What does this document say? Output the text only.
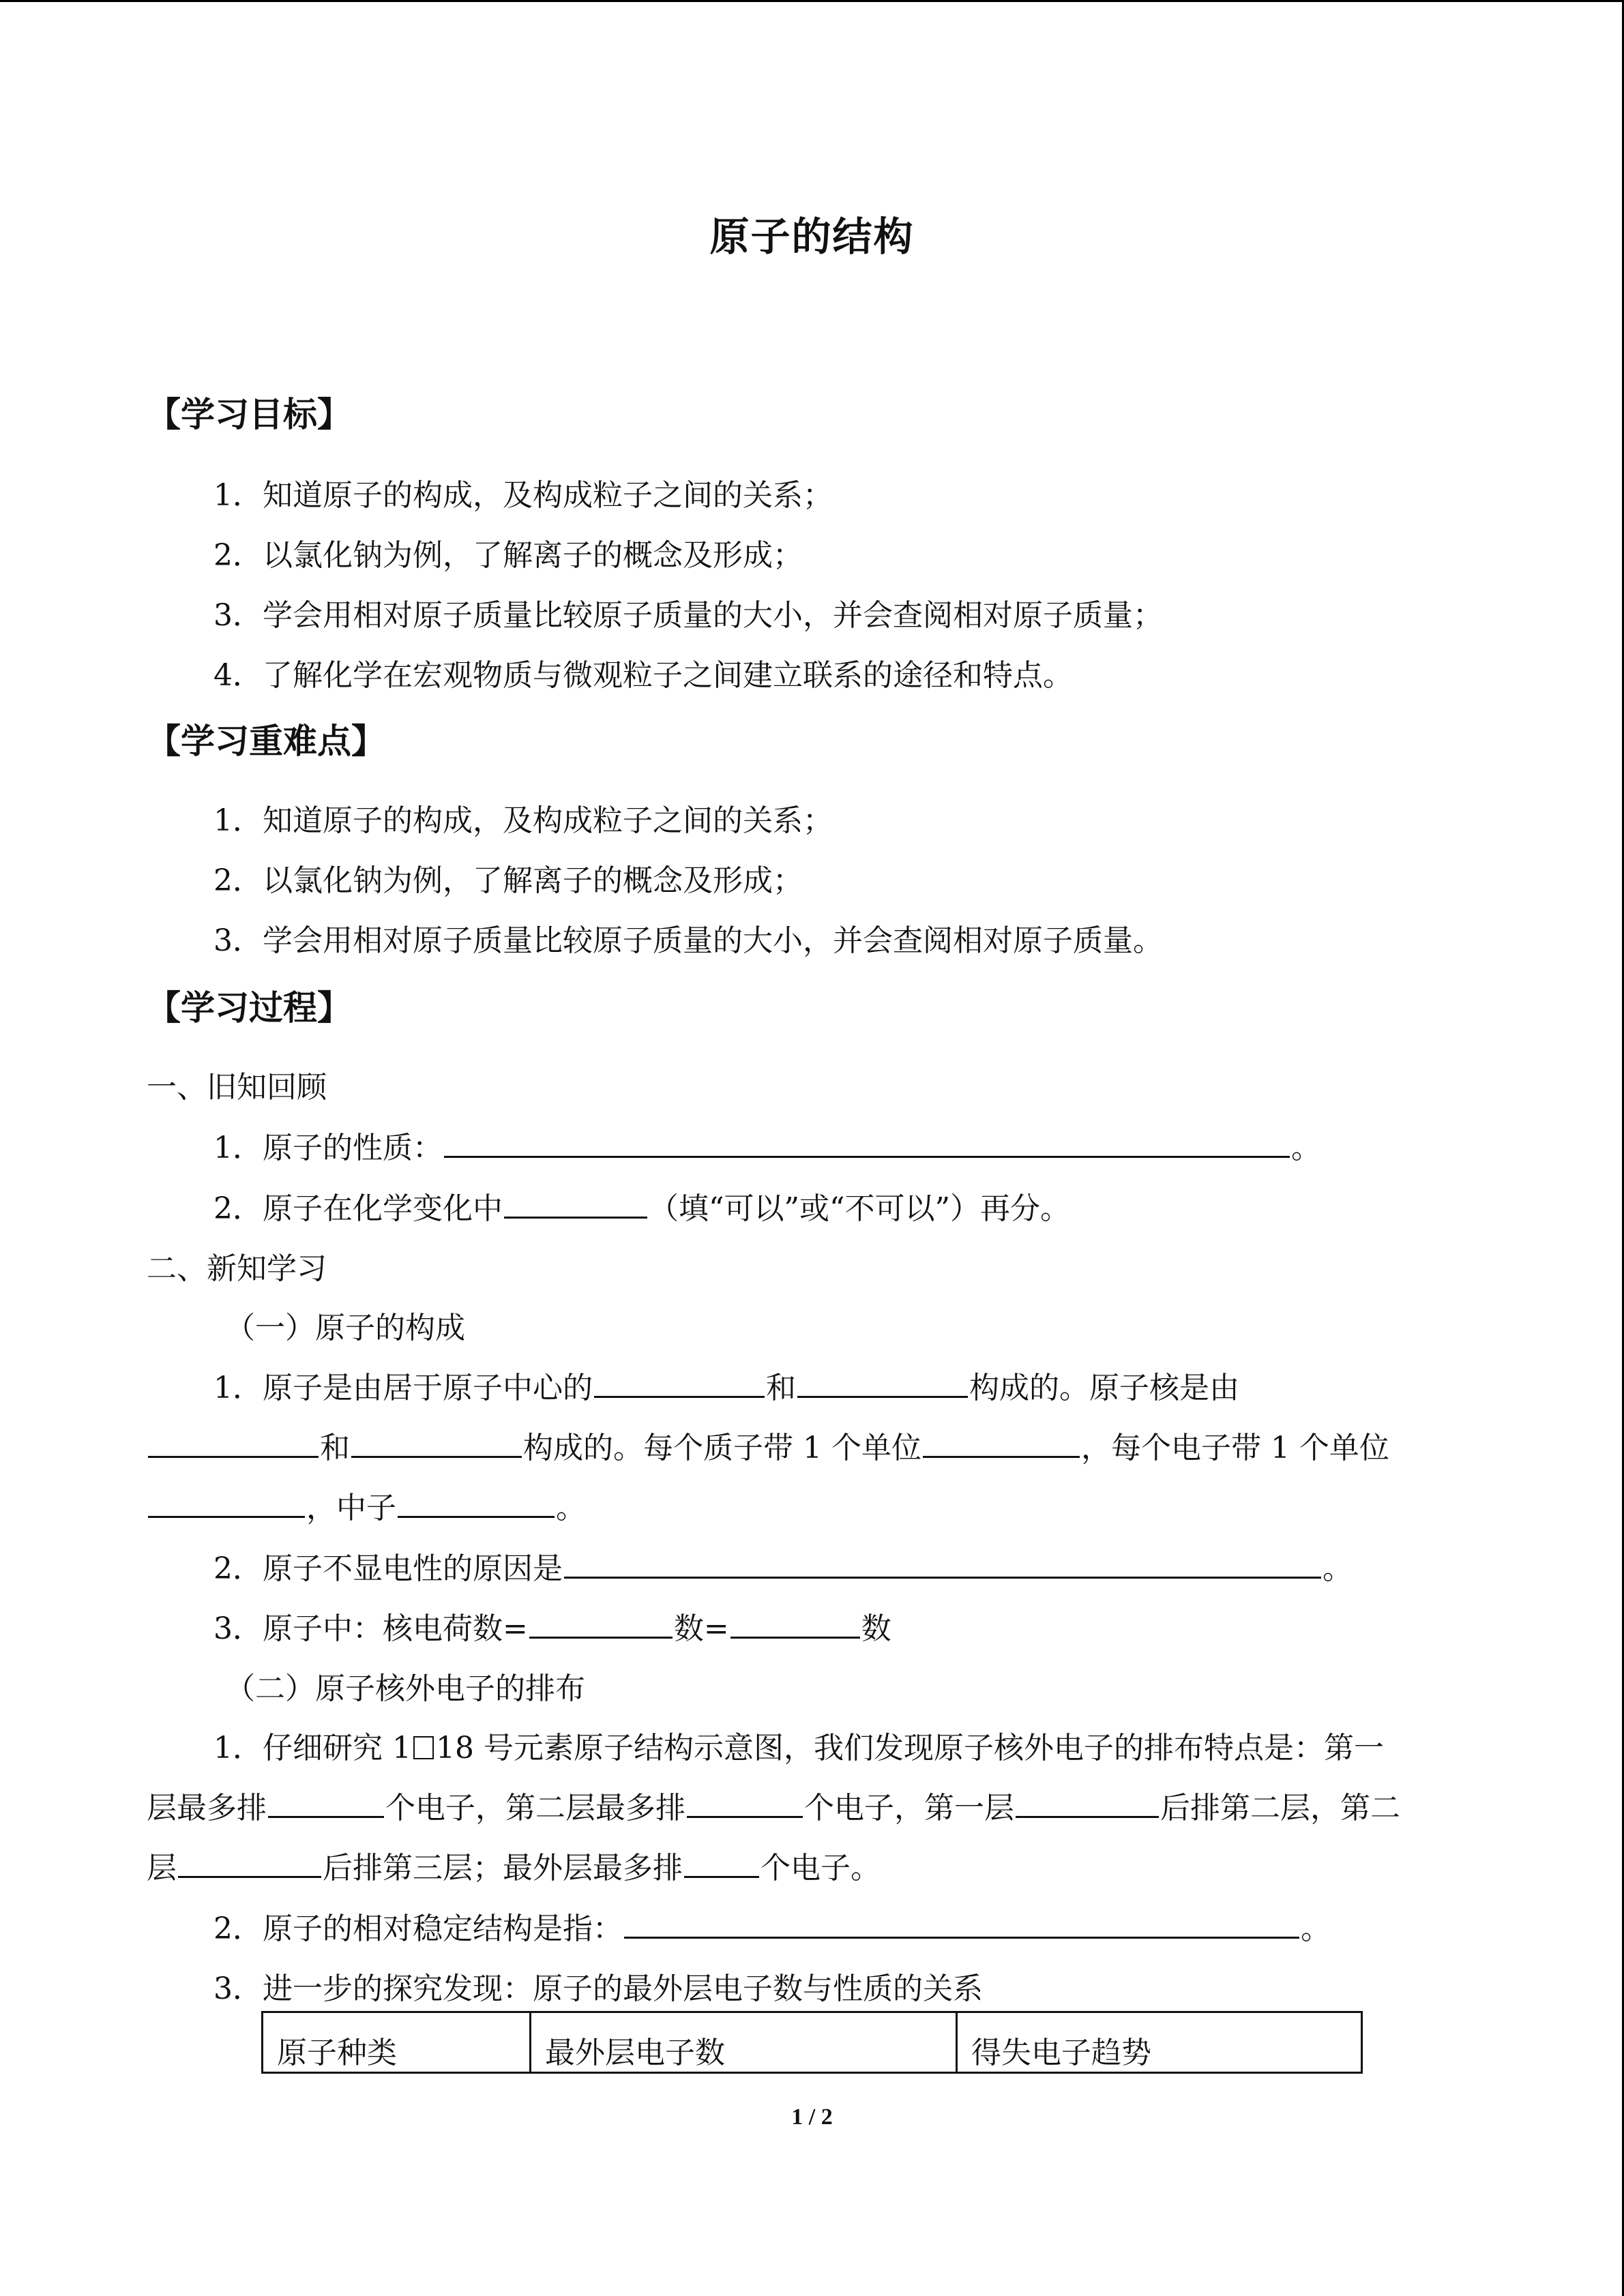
原子的结构
【学习目标】
1．知道原子的构成，及构成粒子之间的关系；
2．以氯化钠为例，了解离子的概念及形成；
3．学会用相对原子质量比较原子质量的大小，并会查阅相对原子质量；
4．了解化学在宏观物质与微观粒子之间建立联系的途径和特点。
【学习重难点】
1．知道原子的构成，及构成粒子之间的关系；
2．以氯化钠为例，了解离子的概念及形成；
3．学会用相对原子质量比较原子质量的大小，并会查阅相对原子质量。
【学习过程】
一、旧知回顾
1．原子的性质：	。
2．原子在化学变化中	（填“可以”或“不可以”）再分。
二、新知学习
（一）原子的构成
1．原子是由居于原子中心的	和	构成的。原子核是由
和	构成的。每个质子带 1 个单位	，每个电子带 1 个单位
，中子	。
2．原子不显电性的原因是	。
3．原子中：核电荷数=	数=	数
（二）原子核外电子的排布
1．仔细研究 1 18 号元素原子结构示意图，我们发现原子核外电子的排布特点是：第一
层最多排	个电子，第二层最多排	个电子，第一层	后排第二层，第二
层	后排第三层；最外层最多排	个电子。
2．原子的相对稳定结构是指：	。
3．进一步的探究发现：原子的最外层电子数与性质的关系
原子种类	最外层电子数	得失电子趋势
1 / 2
